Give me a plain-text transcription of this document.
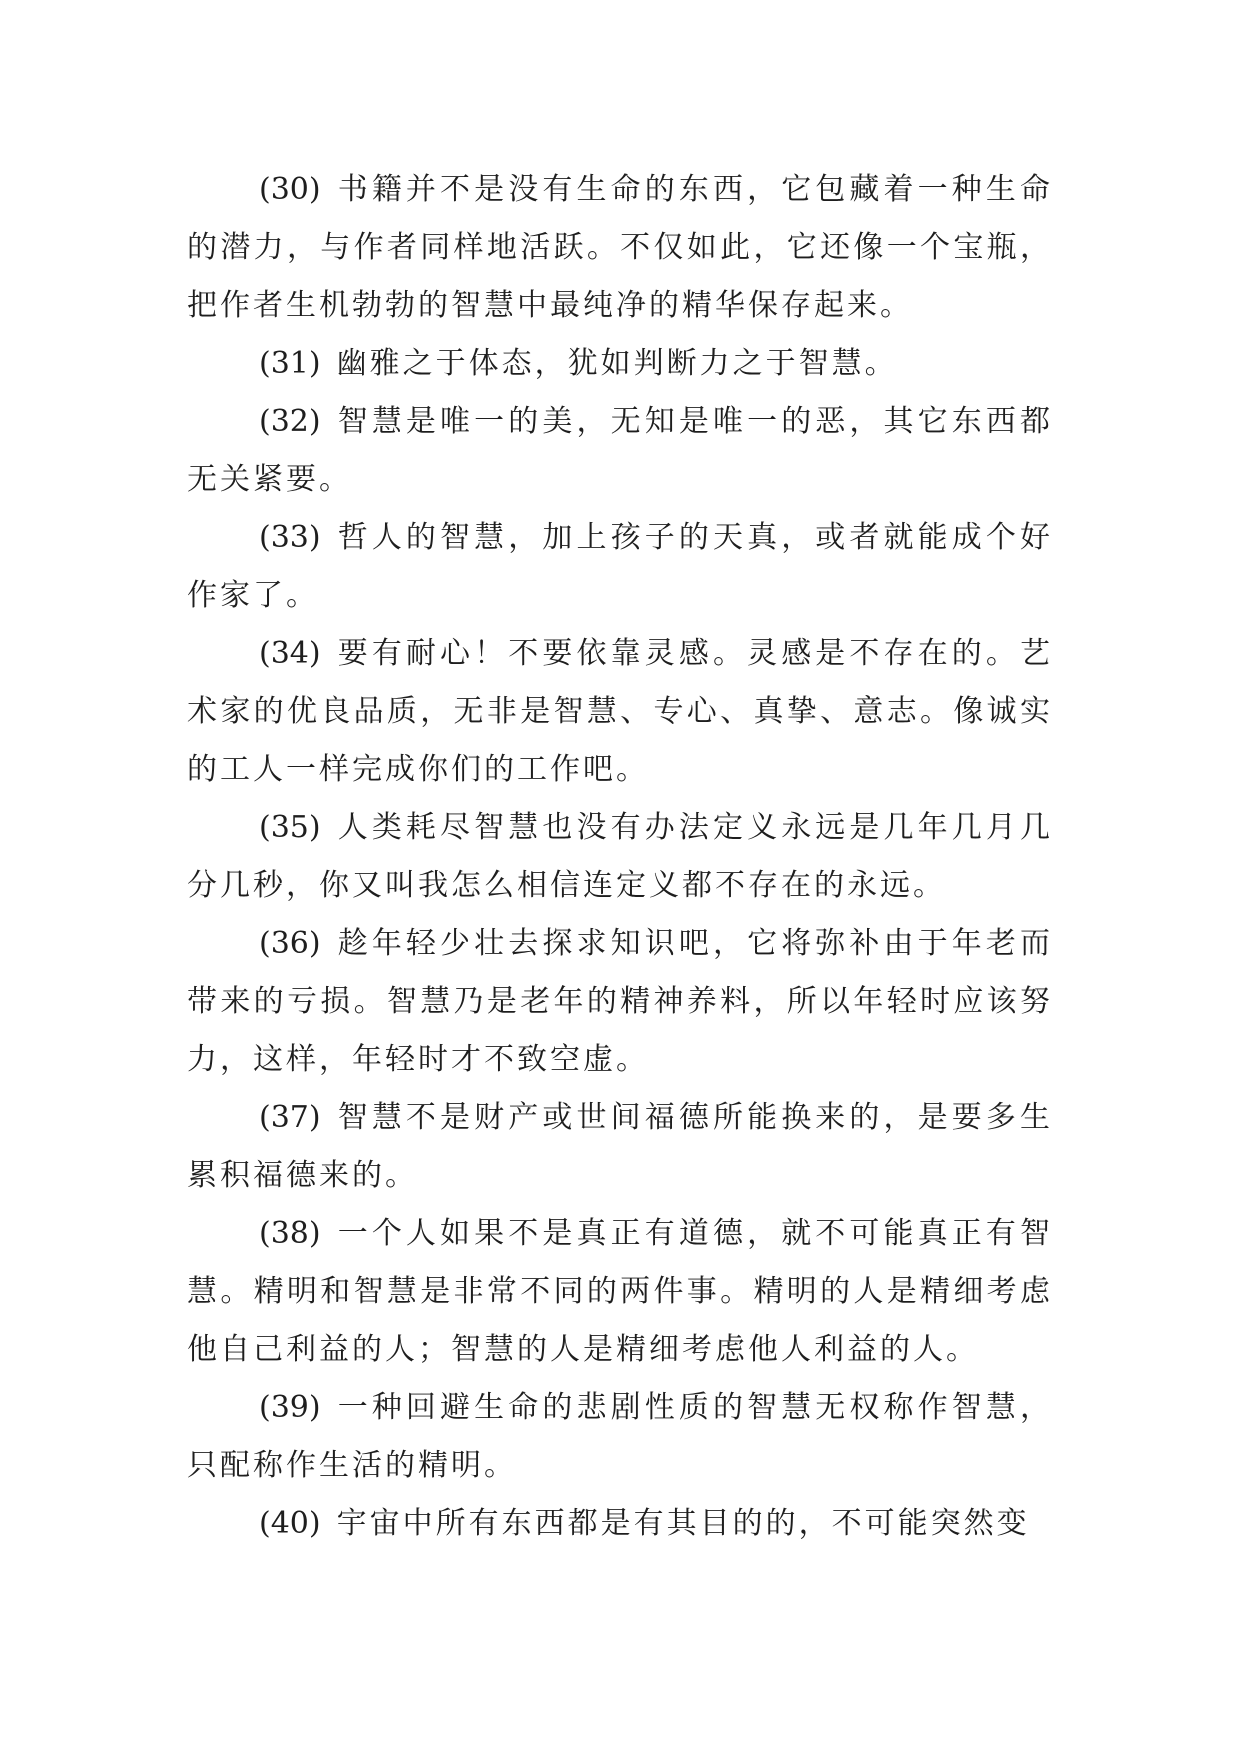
(30) 书籍并不是没有生命的东西，它包藏着一种生命的潜力，与作者同样地活跃。不仅如此，它还像一个宝瓶，把作者生机勃勃的智慧中最纯净的精华保存起来。

(31) 幽雅之于体态，犹如判断力之于智慧。

(32) 智慧是唯一的美，无知是唯一的恶，其它东西都无关紧要。

(33) 哲人的智慧，加上孩子的天真，或者就能成个好作家了。

(34) 要有耐心！不要依靠灵感。灵感是不存在的。艺术家的优良品质，无非是智慧、专心、真挚、意志。像诚实的工人一样完成你们的工作吧。

(35) 人类耗尽智慧也没有办法定义永远是几年几月几分几秒，你又叫我怎么相信连定义都不存在的永远。

(36) 趁年轻少壮去探求知识吧，它将弥补由于年老而带来的亏损。智慧乃是老年的精神养料，所以年轻时应该努力，这样，年轻时才不致空虚。

(37) 智慧不是财产或世间福德所能换来的，是要多生累积福德来的。

(38) 一个人如果不是真正有道德，就不可能真正有智慧。精明和智慧是非常不同的两件事。精明的人是精细考虑他自己利益的人；智慧的人是精细考虑他人利益的人。

(39) 一种回避生命的悲剧性质的智慧无权称作智慧，只配称作生活的精明。

(40) 宇宙中所有东西都是有其目的的，不可能突然变
